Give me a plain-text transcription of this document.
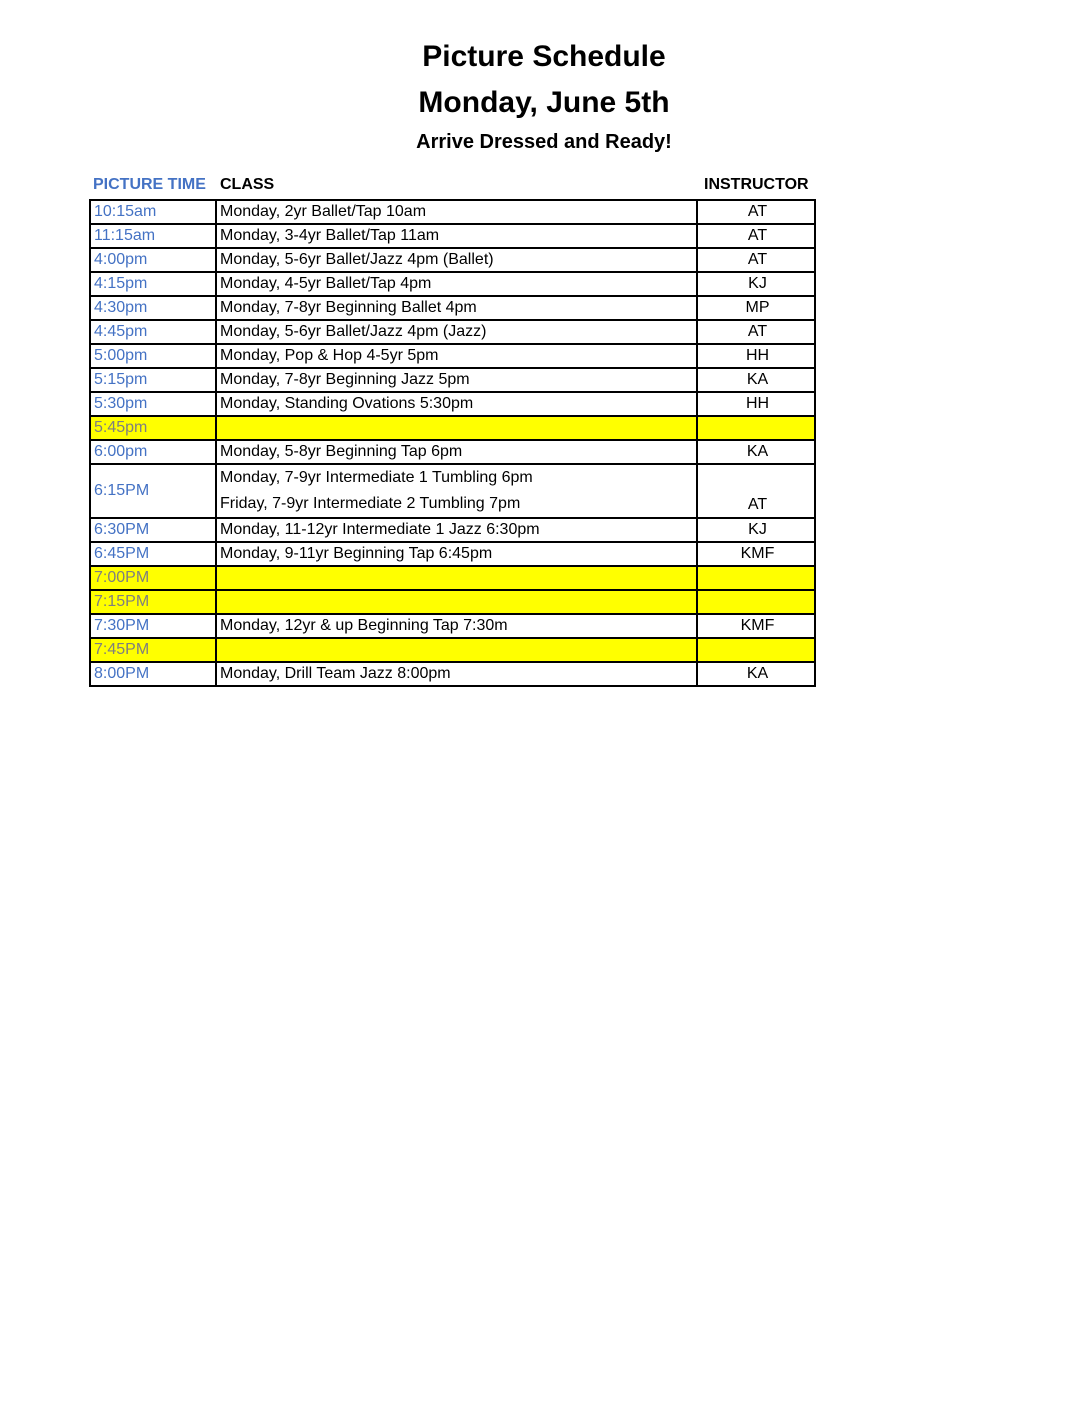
Picture Schedule
Monday, June 5th
Arrive Dressed and Ready!
PICTURE TIME CLASS	INSTRUCTOR
10:15am	Monday, 2yr Ballet/Tap 10am	AT
11:15am	Monday, 3-4yr Ballet/Tap 11am	AT
4:00pm	Monday, 5-6yr Ballet/Jazz 4pm (Ballet)	AT
4:15pm	Monday, 4-5yr Ballet/Tap 4pm	KJ
4:30pm	Monday, 7-8yr Beginning Ballet 4pm	MP
4:45pm	Monday, 5-6yr Ballet/Jazz 4pm (Jazz)	AT
5:00pm	Monday, Pop & Hop 4-5yr 5pm	HH
5:15pm	Monday, 7-8yr Beginning Jazz 5pm	KA
5:30pm	Monday, Standing Ovations 5:30pm	HH
5:45pm		
6:00pm	Monday, 5-8yr Beginning Tap 6pm	KA
6:15PM	Monday, 7-9yr Intermediate 1 Tumbling 6pm
Friday, 7-9yr Intermediate 2 Tumbling 7pm	AT
6:30PM	Monday, 11-12yr Intermediate 1 Jazz 6:30pm	KJ
6:45PM	Monday, 9-11yr Beginning Tap 6:45pm	KMF
7:00PM		
7:15PM		
7:30PM	Monday, 12yr & up Beginning Tap 7:30m	KMF
7:45PM		
8:00PM	Monday, Drill Team Jazz 8:00pm	KA
